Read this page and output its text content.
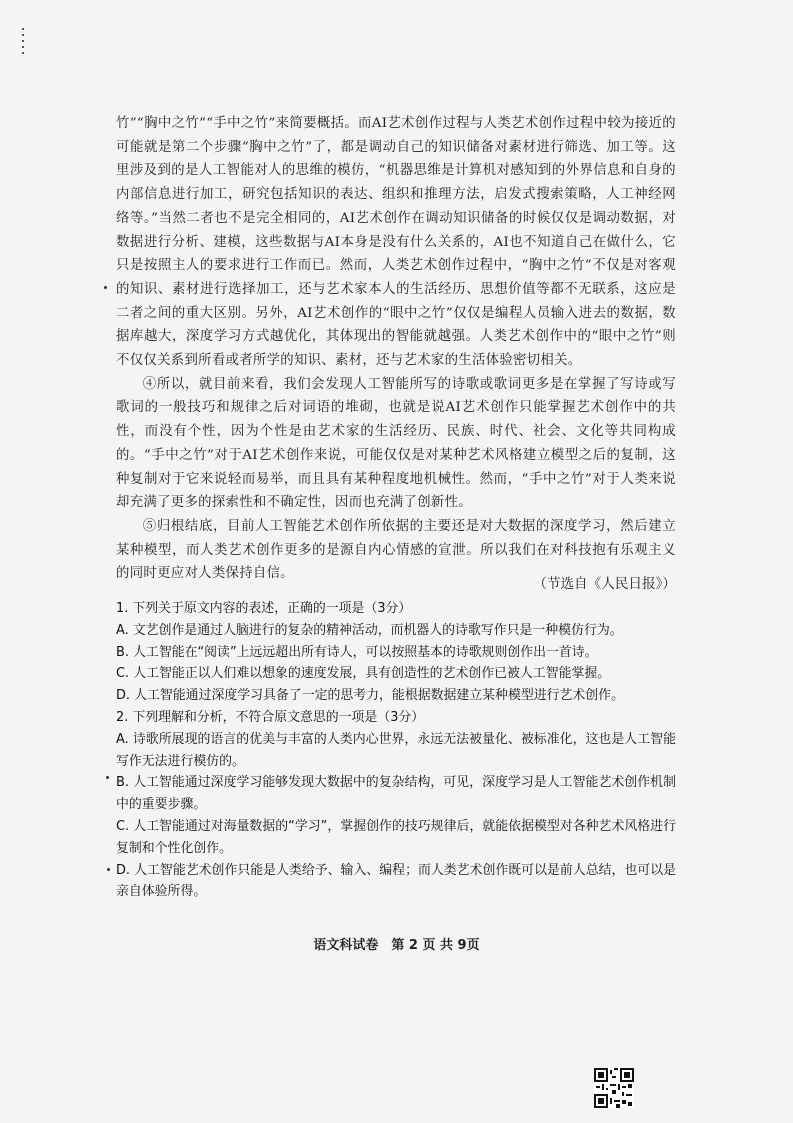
竹”“胸中之竹”“手中之竹”来简要概括。而AI艺术创作过程与人类艺术创作过程中较为接近的可能就是第二个步骤“胸中之竹”了，都是调动自己的知识储备对素材进行筛选、加工等。这里涉及到的是人工智能对人的思维的模仿，“机器思维是计算机对感知到的外界信息和自身的内部信息进行加工，研究包括知识的表达、组织和推理方法，启发式搜索策略，人工神经网络等。”当然二者也不是完全相同的，AI艺术创作在调动知识储备的时候仅仅是调动数据，对数据进行分析、建模，这些数据与AI本身是没有什么关系的，AI也不知道自己在做什么，它只是按照主人的要求进行工作而已。然而，人类艺术创作过程中，“胸中之竹”不仅是对客观的知识、素材进行选择加工，还与艺术家本人的生活经历、思想价值等都不无联系，这应是二者之间的重大区别。另外，AI艺术创作的“眼中之竹”仅仅是编程人员输入进去的数据，数据库越大，深度学习方式越优化，其体现出的智能就越强。人类艺术创作中的“眼中之竹”则不仅仅关系到所看或者所学的知识、素材，还与艺术家的生活体验密切相关。

④所以，就目前来看，我们会发现人工智能所写的诗歌或歌词更多是在掌握了写诗或写歌词的一般技巧和规律之后对词语的堆砌，也就是说AI艺术创作只能掌握艺术创作中的共性，而没有个性，因为个性是由艺术家的生活经历、民族、时代、社会、文化等共同构成的。“手中之竹”对于AI艺术创作来说，可能仅仅是对某种艺术风格建立模型之后的复制，这种复制对于它来说轻而易举，而且具有某种程度地机械性。然而，“手中之竹”对于人类来说却充满了更多的探索性和不确定性，因而也充满了创新性。

⑤归根结底，目前人工智能艺术创作所依据的主要还是对大数据的深度学习，然后建立某种模型，而人类艺术创作更多的是源自内心情感的宣泄。所以我们在对科技抱有乐观主义的同时更应对人类保持自信。

（节选自《人民日报》）

1. 下列关于原文内容的表述，正确的一项是（3分）

A. 文艺创作是通过人脑进行的复杂的精神活动，而机器人的诗歌写作只是一种模仿行为。

B. 人工智能在“阅读”上远远超出所有诗人，可以按照基本的诗歌规则创作出一首诗。

C. 人工智能正以人们难以想象的速度发展，具有创造性的艺术创作已被人工智能掌握。

D. 人工智能通过深度学习具备了一定的思考力，能根据数据建立某种模型进行艺术创作。

2. 下列理解和分析，不符合原文意思的一项是（3分）

A. 诗歌所展现的语言的优美与丰富的人类内心世界，永远无法被量化、被标准化，这也是人工智能写作无法进行模仿的。

B. 人工智能通过深度学习能够发现大数据中的复杂结构，可见，深度学习是人工智能艺术创作机制中的重要步骤。

C. 人工智能通过对海量数据的“学习”，掌握创作的技巧规律后，就能依据模型对各种艺术风格进行复制和个性化创作。

D. 人工智能艺术创作只能是人类给予、输入、编程；而人类艺术创作既可以是前人总结，也可以是亲自体验所得。

语文科试卷　第 2 页 共 9页
